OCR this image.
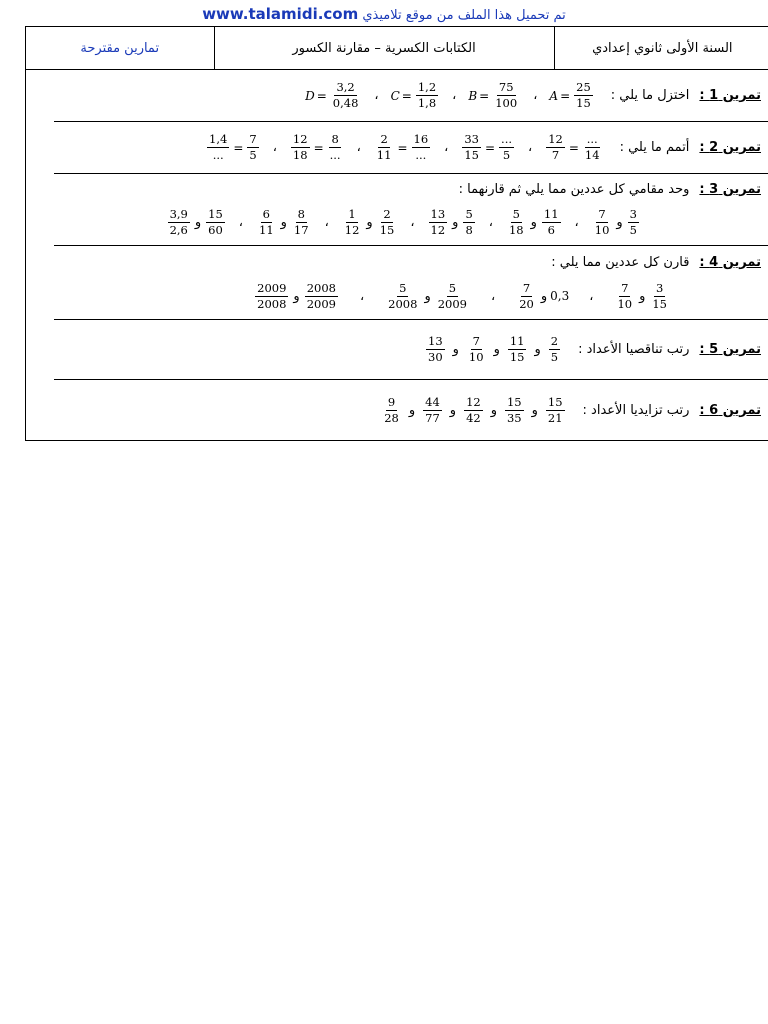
www.talamidi.com تم تحميل هذا الملف من موقع تلاميذي
تمارين مقترحة	الكتابات الكسرية – مقارنة الكسور	السنة الأولى ثانوي إعدادي
تمرين 1 :
اختزل ما يلي :
$A = \frac{25}{15}$
،
$B = \frac{75}{100}$
،
$C = \frac{1,2}{1,8}$
،
$D = \frac{3,2}{0,48}$
تمرين 2 :
أتمم ما يلي :
$\frac{12}{7} = \frac{...}{14}$
،
$\frac{33}{15} = \frac{...}{5}$
،
$\frac{2}{11} = \frac{16}{...}$
،
$\frac{12}{18} = \frac{8}{...}$
،
$\frac{1,4}{...} = \frac{7}{5}$
تمرين 3 :
وحد مقامي كل عددين مما يلي ثم قارنهما :
$\frac{3}{5}$
و
$\frac{7}{10}$
،
$\frac{11}{6}$
و
$\frac{5}{18}$
،
$\frac{5}{8}$
و
$\frac{13}{12}$
،
$\frac{2}{15}$
و
$\frac{1}{12}$
،
$\frac{8}{17}$
و
$\frac{6}{11}$
،
$\frac{15}{60}$
و
$\frac{3,9}{2,6}$
تمرين 4 :
قارن كل عددين مما يلي :
$\frac{3}{15}$
و
$\frac{7}{10}$
،
0,3
و
$\frac{7}{20}$
،
$\frac{5}{2009}$
و
$\frac{5}{2008}$
،
$\frac{2008}{2009}$
و
$\frac{2009}{2008}$
تمرين 5 :
رتب تناقصيا الأعداد :
$\frac{2}{5}$
و
$\frac{11}{15}$
و
$\frac{7}{10}$
و
$\frac{13}{30}$
تمرين 6 :
رتب تزايديا الأعداد :
$\frac{15}{21}$
و
$\frac{15}{35}$
و
$\frac{12}{42}$
و
$\frac{44}{77}$
و
$\frac{9}{28}$
